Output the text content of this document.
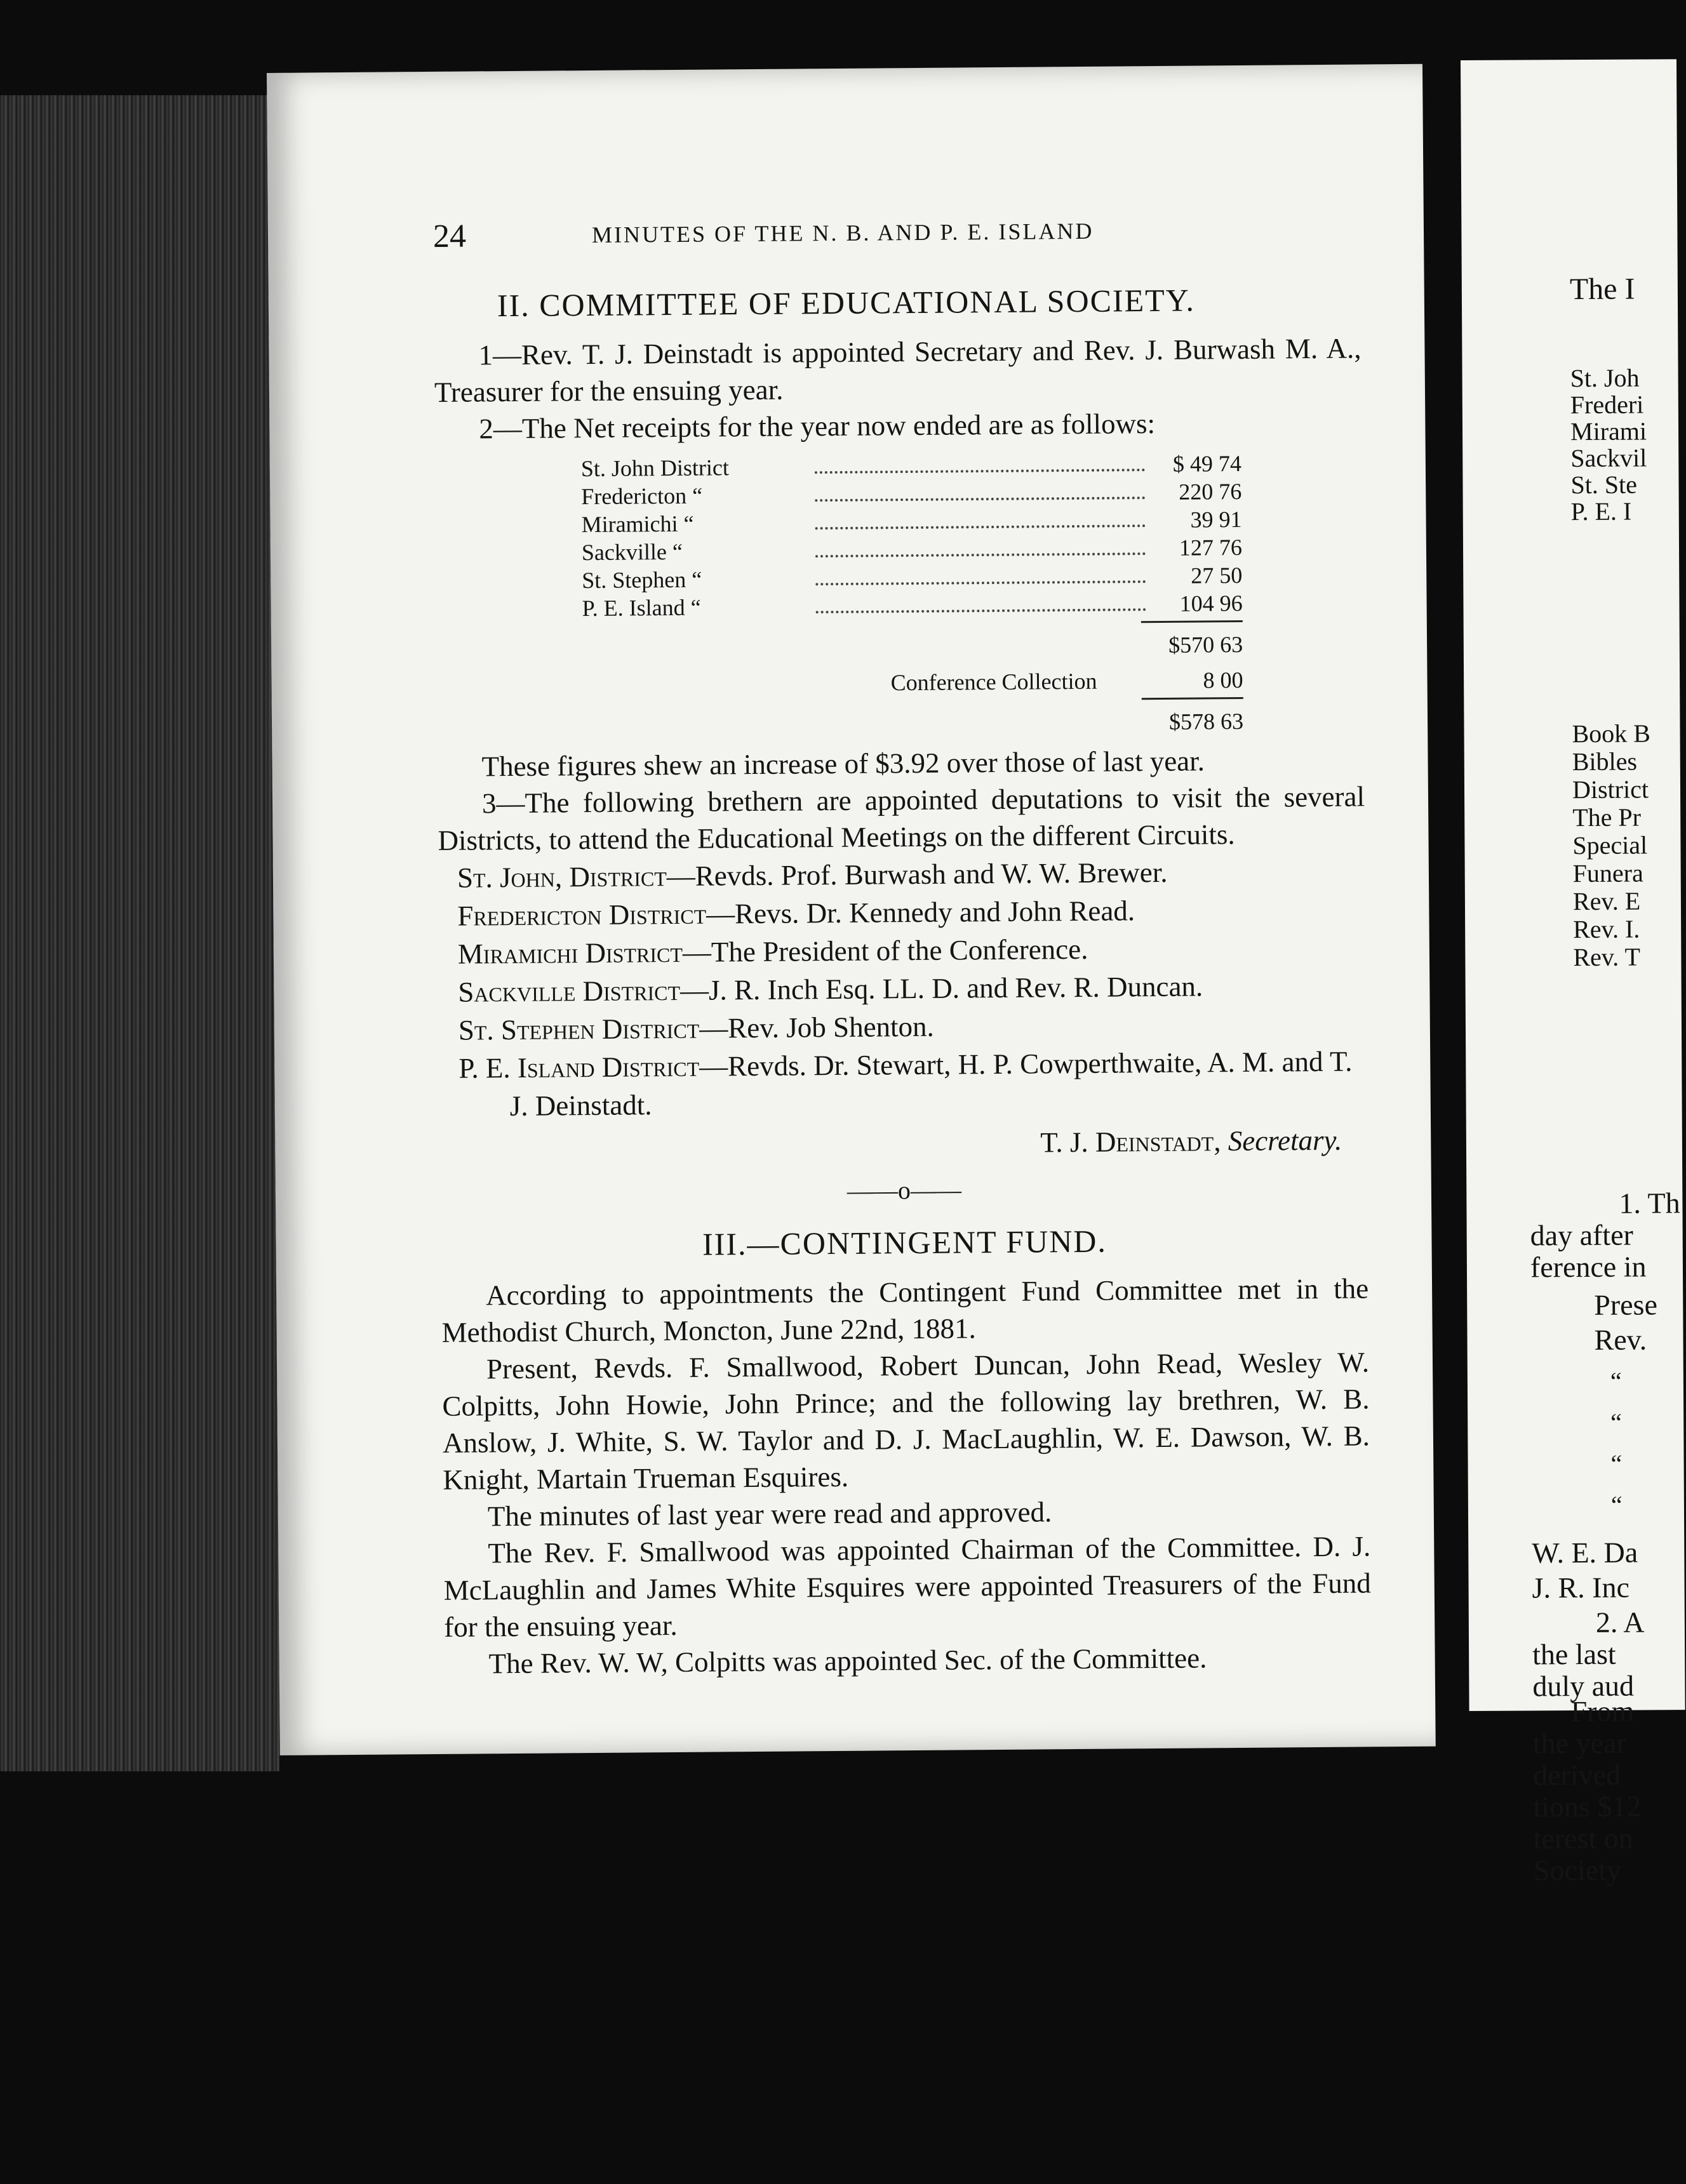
24	MINUTES OF THE N. B. AND P. E. ISLAND
II. COMMITTEE OF EDUCATIONAL SOCIETY.

1—Rev. T. J. Deinstadt is appointed Secretary and Rev. J. Burwash M. A., Treasurer for the ensuing year.

2—The Net receipts for the year now ended are as follows:

St. John District	$ 49 74
Fredericton “	220 76
Miramichi “	39 91
Sackville “	127 76
St. Stephen “	27 50
P. E. Island “	104 96
$570 63
Conference Collection	8 00
$578 63

These figures shew an increase of $3.92 over those of last year.

3—The following brethern are appointed deputations to visit the several Districts, to attend the Educational Meetings on the different Circuits.

St. John, District—Revds. Prof. Burwash and W. W. Brewer.
Fredericton District—Revs. Dr. Kennedy and John Read.
Miramichi District—The President of the Conference.
Sackville District—J. R. Inch Esq. LL. D. and Rev. R. Duncan.
St. Stephen District—Rev. Job Shenton.
P. E. Island District—Revds. Dr. Stewart, H. P. Cowperthwaite, A. M. and T. J. Deinstadt.
T. J. Deinstadt, Secretary.
——o——
III.—CONTINGENT FUND.

According to appointments the Contingent Fund Committee met in the Methodist Church, Moncton, June 22nd, 1881.

Present, Revds. F. Smallwood, Robert Duncan, John Read, Wesley W. Colpitts, John Howie, John Prince; and the following lay brethren, W. B. Anslow, J. White, S. W. Taylor and D. J. MacLaughlin, W. E. Dawson, W. B. Knight, Martain Trueman Esquires.

The minutes of last year were read and approved.

The Rev. F. Smallwood was appointed Chairman of the Committee. D. J. McLaughlin and James White Esquires were appointed Treasurers of the Fund for the ensuing year.

The Rev. W. W, Colpitts was appointed Sec. of the Committee.

The I
St. Joh
Frederi
Mirami
Sackvil
St. Ste
P. E. I
Book B
Bibles
District
The Pr
Special
Funera
Rev. E
Rev. I.
Rev. T
1. Th
day after
ference in
Prese
Rev.
“
“
“
“
W. E. Da
J. R. Inc
2. A
the last
duly aud
From
the year
derived
tions $12
terest on
Society
